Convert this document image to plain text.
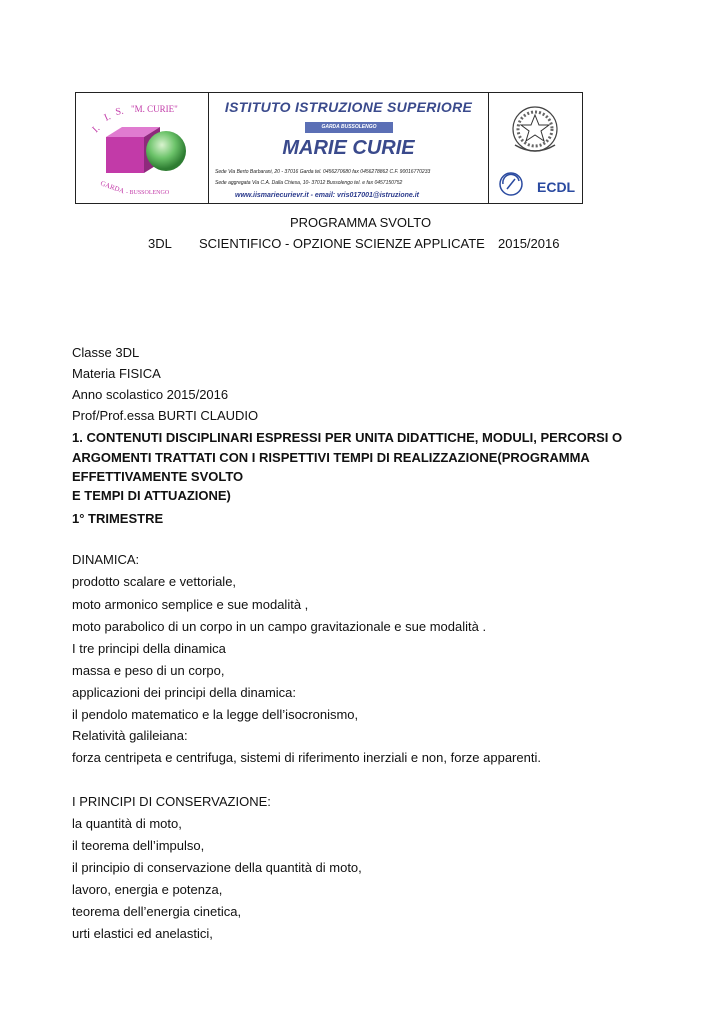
I.
I. S. "M. CURIE"
GARDA - BUSSOLENGO
ISTITUTO ISTRUZIONE SUPERIORE
GARDA BUSSOLENGO
MARIE CURIE
Sede Via Berto Barbarani, 20 - 37016 Garda tel. 0456270680 fax 0456278862 C.F. 90016770233
Sede aggregata Via C.A. Dalla Chiesa, 10- 37012 Bussolengo tel. e fax 0457150752
www.iismariecurievr.it - email: vris017001@istruzione.it
ECDL
PROGRAMMA SVOLTO
3DL SCIENTIFICO - OPZIONE SCIENZE APPLICATE 2015/2016
Classe 3DL
Materia FISICA
Anno scolastico 2015/2016
Prof/Prof.essa BURTI CLAUDIO
1. CONTENUTI DISCIPLINARI ESPRESSI PER UNITA DIDATTICHE, MODULI, PERCORSI O
ARGOMENTI TRATTATI CON I RISPETTIVI TEMPI DI REALIZZAZIONE(PROGRAMMA
EFFETTIVAMENTE SVOLTO
E TEMPI DI ATTUAZIONE)
1° TRIMESTRE
DINAMICA:
prodotto scalare e vettoriale,
moto armonico semplice e sue modalità ,
moto parabolico di un corpo in un campo gravitazionale e sue modalità .
I tre principi della dinamica
massa e peso di un corpo,
applicazioni dei principi della dinamica:
il pendolo matematico e la legge dell’isocronismo,
Relatività galileiana:
forza centripeta e centrifuga, sistemi di riferimento inerziali e non, forze apparenti.
I PRINCIPI DI CONSERVAZIONE:
la quantità di moto,
il teorema dell’impulso,
il principio di conservazione della quantità di moto,
lavoro, energia e potenza,
teorema dell’energia cinetica,
urti elastici ed anelastici,
